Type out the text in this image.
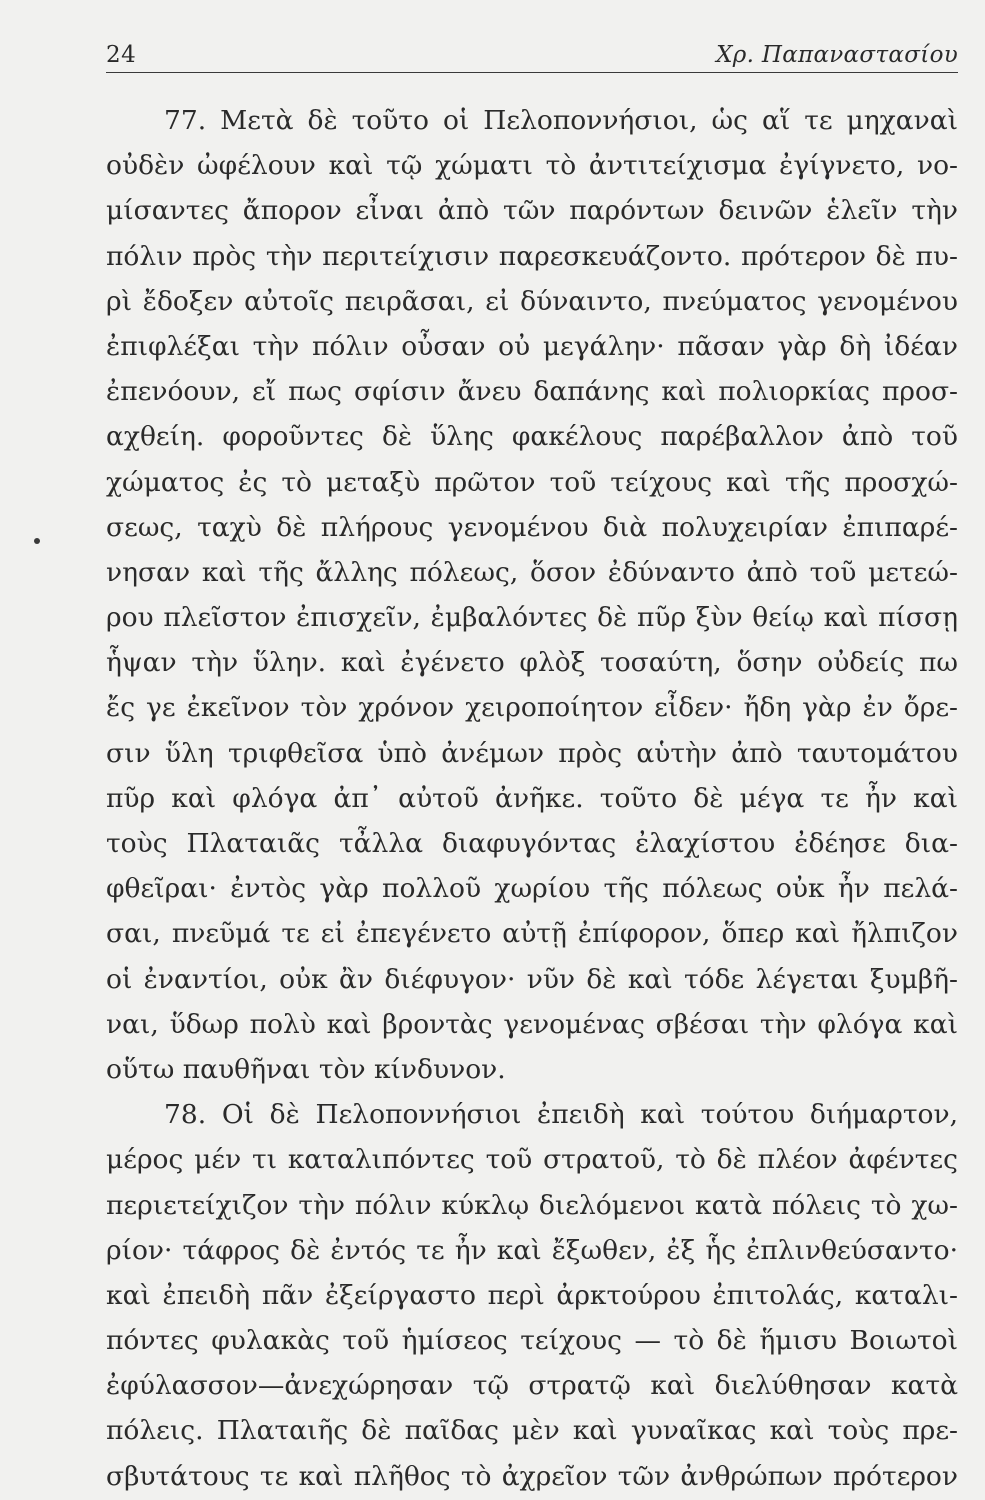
24	Χρ. Παπαναστασίου
77. Μετὰ δὲ τοῦτο οἱ Πελοποννήσιοι, ὡς αἵ τε μηχαναὶ
οὐδὲν ὠφέλουν καὶ τῷ χώματι τὸ ἀντιτείχισμα ἐγίγνετο, νο-
μίσαντες ἄπορον εἶναι ἀπὸ τῶν παρόντων δεινῶν ἑλεῖν τὴν
πόλιν πρὸς τὴν περιτείχισιν παρεσκευάζοντο. πρότερον δὲ πυ-
ρὶ ἔδοξεν αὐτοῖς πειρᾶσαι, εἰ δύναιντο, πνεύματος γενομένου
ἐπιφλέξαι τὴν πόλιν οὖσαν οὐ μεγάλην· πᾶσαν γὰρ δὴ ἰδέαν
ἐπενόουν, εἴ πως σφίσιν ἄνευ δαπάνης καὶ πολιορκίας προσ-
αχθείη. φοροῦντες δὲ ὕλης φακέλους παρέβαλλον ἀπὸ τοῦ
χώματος ἐς τὸ μεταξὺ πρῶτον τοῦ τείχους καὶ τῆς προσχώ-
σεως, ταχὺ δὲ πλήρους γενομένου διὰ πολυχειρίαν ἐπιπαρέ-
νησαν καὶ τῆς ἄλλης πόλεως, ὅσον ἐδύναντο ἀπὸ τοῦ μετεώ-
ρου πλεῖστον ἐπισχεῖν, ἐμβαλόντες δὲ πῦρ ξὺν θείῳ καὶ πίσσῃ
ἧψαν τὴν ὕλην. καὶ ἐγένετο φλὸξ τοσαύτη, ὅσην οὐδείς πω
ἔς γε ἐκεῖνον τὸν χρόνον χειροποίητον εἶδεν· ἤδη γὰρ ἐν ὄρε-
σιν ὕλη τριφθεῖσα ὑπὸ ἀνέμων πρὸς αὑτὴν ἀπὸ ταυτομάτου
πῦρ καὶ φλόγα ἀπ᾽ αὐτοῦ ἀνῆκε. τοῦτο δὲ μέγα τε ἦν καὶ
τοὺς Πλαταιᾶς τἆλλα διαφυγόντας ἐλαχίστου ἐδέησε δια-
φθεῖραι· ἐντὸς γὰρ πολλοῦ χωρίου τῆς πόλεως οὐκ ἦν πελά-
σαι, πνεῦμά τε εἰ ἐπεγένετο αὐτῇ ἐπίφορον, ὅπερ καὶ ἤλπιζον
οἱ ἐναντίοι, οὐκ ἂν διέφυγον· νῦν δὲ καὶ τόδε λέγεται ξυμβῆ-
ναι, ὕδωρ πολὺ καὶ βροντὰς γενομένας σβέσαι τὴν φλόγα καὶ
οὕτω παυθῆναι τὸν κίνδυνον.
78. Οἱ δὲ Πελοποννήσιοι ἐπειδὴ καὶ τούτου διήμαρτον,
μέρος μέν τι καταλιπόντες τοῦ στρατοῦ, τὸ δὲ πλέον ἀφέντες
περιετείχιζον τὴν πόλιν κύκλῳ διελόμενοι κατὰ πόλεις τὸ χω-
ρίον· τάφρος δὲ ἐντός τε ἦν καὶ ἔξωθεν, ἐξ ἧς ἐπλινθεύσαντο·
καὶ ἐπειδὴ πᾶν ἐξείργαστο περὶ ἀρκτούρου ἐπιτολάς, καταλι-
πόντες φυλακὰς τοῦ ἡμίσεος τείχους — τὸ δὲ ἥμισυ Βοιωτοὶ
ἐφύλασσον—ἀνεχώρησαν τῷ στρατῷ καὶ διελύθησαν κατὰ
πόλεις. Πλαταιῆς δὲ παῖδας μὲν καὶ γυναῖκας καὶ τοὺς πρε-
σβυτάτους τε καὶ πλῆθος τὸ ἀχρεῖον τῶν ἀνθρώπων πρότερον
